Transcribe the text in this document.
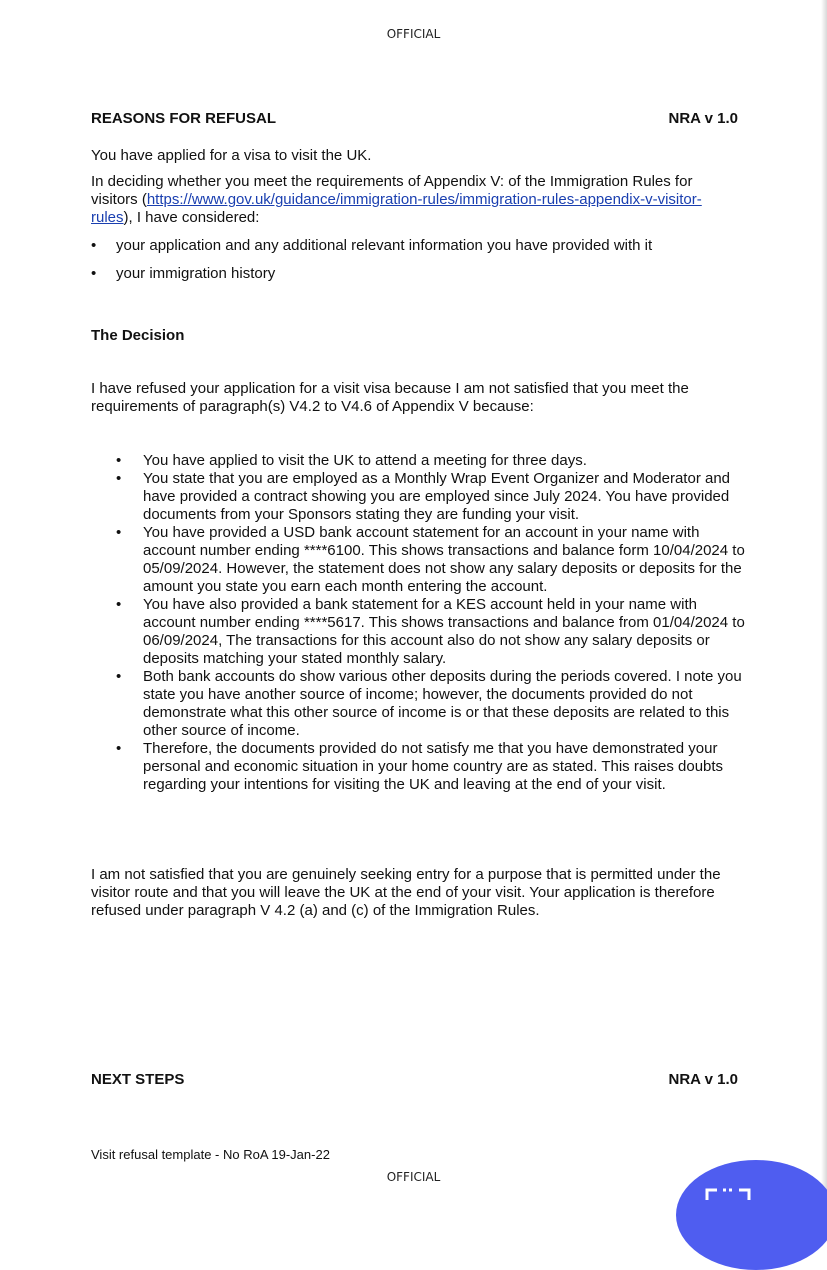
OFFICIAL
REASONS FOR REFUSAL	NRA v 1.0
You have applied for a visa to visit the UK.
In deciding whether you meet the requirements of Appendix V: of the Immigration Rules for visitors (https://www.gov.uk/guidance/immigration-rules/immigration-rules-appendix-v-visitor-rules), I have considered:
• your application and any additional relevant information you have provided with it
• your immigration history
The Decision
I have refused your application for a visit visa because I am not satisfied that you meet the requirements of paragraph(s) V4.2 to V4.6 of Appendix V because:
• You have applied to visit the UK to attend a meeting for three days.
• You state that you are employed as a Monthly Wrap Event Organizer and Moderator and have provided a contract showing you are employed since July 2024. You have provided documents from your Sponsors stating they are funding your visit.
• You have provided a USD bank account statement for an account in your name with account number ending ****6100. This shows transactions and balance form 10/04/2024 to 05/09/2024. However, the statement does not show any salary deposits or deposits for the amount you state you earn each month entering the account.
• You have also provided a bank statement for a KES account held in your name with account number ending ****5617. This shows transactions and balance from 01/04/2024 to 06/09/2024, The transactions for this account also do not show any salary deposits or deposits matching your stated monthly salary.
• Both bank accounts do show various other deposits during the periods covered. I note you state you have another source of income; however, the documents provided do not demonstrate what this other source of income is or that these deposits are related to this other source of income.
• Therefore, the documents provided do not satisfy me that you have demonstrated your personal and economic situation in your home country are as stated. This raises doubts regarding your intentions for visiting the UK and leaving at the end of your visit.
I am not satisfied that you are genuinely seeking entry for a purpose that is permitted under the visitor route and that you will leave the UK at the end of your visit. Your application is therefore refused under paragraph V 4.2 (a) and (c) of the Immigration Rules.
NEXT STEPS	NRA v 1.0
Visit refusal template - No RoA 19-Jan-22
OFFICIAL
